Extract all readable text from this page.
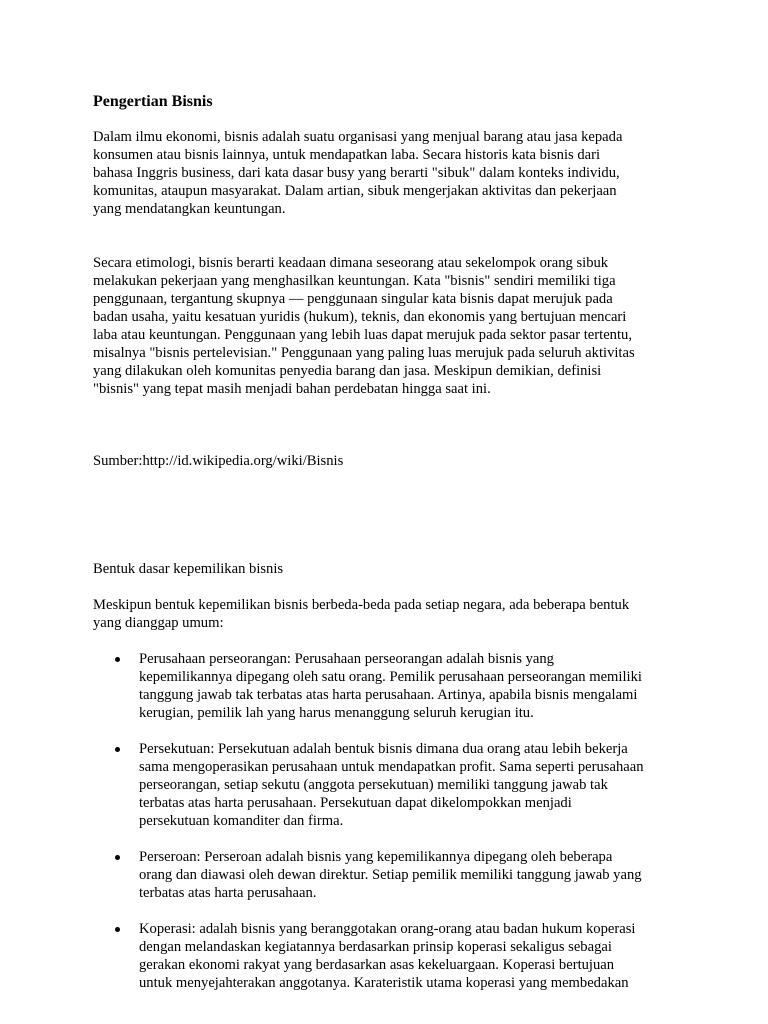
Pengertian Bisnis

Dalam ilmu ekonomi, bisnis adalah suatu organisasi yang menjual barang atau jasa kepada
konsumen atau bisnis lainnya, untuk mendapatkan laba. Secara historis kata bisnis dari
bahasa Inggris business, dari kata dasar busy yang berarti "sibuk" dalam konteks individu,
komunitas, ataupun masyarakat. Dalam artian, sibuk mengerjakan aktivitas dan pekerjaan
yang mendatangkan keuntungan.

Secara etimologi, bisnis berarti keadaan dimana seseorang atau sekelompok orang sibuk
melakukan pekerjaan yang menghasilkan keuntungan. Kata "bisnis" sendiri memiliki tiga
penggunaan, tergantung skupnya — penggunaan singular kata bisnis dapat merujuk pada
badan usaha, yaitu kesatuan yuridis (hukum), teknis, dan ekonomis yang bertujuan mencari
laba atau keuntungan. Penggunaan yang lebih luas dapat merujuk pada sektor pasar tertentu,
misalnya "bisnis pertelevisian." Penggunaan yang paling luas merujuk pada seluruh aktivitas
yang dilakukan oleh komunitas penyedia barang dan jasa. Meskipun demikian, definisi
"bisnis" yang tepat masih menjadi bahan perdebatan hingga saat ini.

Sumber:http://id.wikipedia.org/wiki/Bisnis

Bentuk dasar kepemilikan bisnis

Meskipun bentuk kepemilikan bisnis berbeda-beda pada setiap negara, ada beberapa bentuk
yang dianggap umum:

Perusahaan perseorangan: Perusahaan perseorangan adalah bisnis yang
kepemilikannya dipegang oleh satu orang. Pemilik perusahaan perseorangan memiliki
tanggung jawab tak terbatas atas harta perusahaan. Artinya, apabila bisnis mengalami
kerugian, pemilik lah yang harus menanggung seluruh kerugian itu.
Persekutuan: Persekutuan adalah bentuk bisnis dimana dua orang atau lebih bekerja
sama mengoperasikan perusahaan untuk mendapatkan profit. Sama seperti perusahaan
perseorangan, setiap sekutu (anggota persekutuan) memiliki tanggung jawab tak
terbatas atas harta perusahaan. Persekutuan dapat dikelompokkan menjadi
persekutuan komanditer dan firma.
Perseroan: Perseroan adalah bisnis yang kepemilikannya dipegang oleh beberapa
orang dan diawasi oleh dewan direktur. Setiap pemilik memiliki tanggung jawab yang
terbatas atas harta perusahaan.
Koperasi: adalah bisnis yang beranggotakan orang-orang atau badan hukum koperasi
dengan melandaskan kegiatannya berdasarkan prinsip koperasi sekaligus sebagai
gerakan ekonomi rakyat yang berdasarkan asas kekeluargaan. Koperasi bertujuan
untuk menyejahterakan anggotanya. Karateristik utama koperasi yang membedakan
